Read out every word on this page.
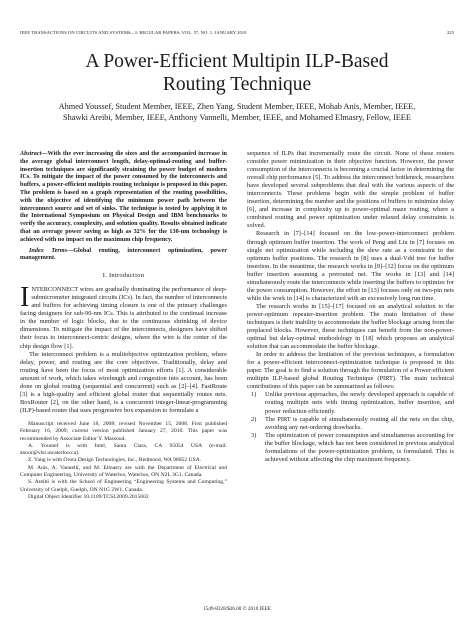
IEEE TRANSACTIONS ON CIRCUITS AND SYSTEMS—I: REGULAR PAPERS, VOL. 57, NO. 1, JANUARY 2010	225
A Power-Efficient Multipin ILP-Based
Routing Technique
Ahmed Youssef, Student Member, IEEE, Zhen Yang, Student Member, IEEE, Mohab Anis, Member, IEEE,
Shawki Areibi, Member, IEEE, Anthony Vannelli, Member, IEEE, and Mohamed Elmasry, Fellow, IEEE
Abstract—With the ever increasing die sizes and the accompanied increase in the average global interconnect length, delay-optimal-routing and buffer-insertion techniques are significantly straining the power budget of modern ICs. To mitigate the impact of the power consumed by the interconnects and buffers, a power-efficient multipin routing technique is proposed in this paper. The problem is based on a graph representation of the routing possibilities, with the objective of identifying the minimum power path between the interconnect source and set of sinks. The technique is tested by applying it to the International Symposium on Physical Design and IBM benchmarks to verify the accuracy, complexity, and solution quality. Results obtained indicate that an average power saving as high as 32% for the 130-nm technology is achieved with no impact on the maximum chip frequency.
Index Terms—Global routing, interconnect optimization, power management.
I. Introduction

INTERCONNECT wires are gradually dominating the performance of deep-submicrometer integrated circuits (ICs). In fact, the number of interconnects and buffers for achieving timing closure is one of the primary challenges facing designers for sub-90-nm ICs. This is attributed to the continual increase in the number of logic blocks, due to the continuous shrinking of device dimensions. To mitigate the impact of the interconnects, designers have shifted their focus to interconnect-centric designs, where the wire is the center of the chip design flow [1].

The interconnect problem is a multiobjective optimization problem, where delay, power, and routing are the core objectives. Traditionally, delay and routing have been the focus of most optimization efforts [1]. A considerable amount of work, which takes wirelength and congestion into account, has been done on global routing (sequential and concurrent) such as [2]–[4]. FastRoute [3] is a high-quality and efficient global router that sequentially routes nets. BoxRouter [2], on the other hand, is a concurrent integer-linear-programming (ILP)-based router that uses progressive box expansion to formulate a

Manuscript received June 18, 2008; revised November 15, 2008. First published February 16, 2009; current version published January 27, 2010. This paper was recommended by Associate Editor Y. Massoud.

A. Youssef is with Intel, Santa Clara, CA 95054 USA (e-mail: anour@vlsi.uwaterloo.ca).

Z. Yang is with Orora Design Technologies, Inc., Redmond, WA 98052 USA.

M. Anis, A. Vannelli, and M. Elmasry are with the Department of Electrical and Computer Engineering, University of Waterloo, Waterloo, ON N2L 3G1, Canada.

S. Areibi is with the School of Engineering “Engineering Systems and Computing,” University of Guelph, Guelph, ON N1G 2W1, Canada.

Digital Object Identifier 10.1109/TCSI.2009.2015602

sequence of ILPs that incrementally route the circuit. None of these routers consider power minimization in their objective function. However, the power consumption of the interconnects is becoming a crucial factor in determining the overall chip performance [5]. To address the interconnect bottleneck, researchers have developed several subproblems that deal with the various aspects of the interconnects. These problems begin with the simple problem of buffer insertion, determining the number and the positions of buffers to minimize delay [6], and increase in complexity up to power-optimal maze routing, where a combined routing and power optimization under relaxed delay constraints is solved.

Research in [7]–[14] focused on the low-power-interconnect problem through optimum buffer insertion. The work of Peng and Liu in [7] focuses on single net optimization while including the slew rate as a constraint to the optimum buffer positions. The research in [8] uses a dual-Vdd tree for buffer insertion. In the meantime, the research works in [9]–[12] focus on the optimum buffer insertion assuming a prerouted net. The works in [13] and [14] simultaneously route the interconnects while inserting the buffers to optimize for the power consumption. However, the effort in [13] focuses only on two-pin nets while the work in [14] is characterized with an excessively long run time.

The research works in [15]–[17] focused on an analytical solution to the power-optimum repeater-insertion problem. The main limitation of these techniques is their inability to accommodate the buffer blockage arising from the preplaced blocks. However, these techniques can benefit from the non-power-optimal but delay-optimal methodology in [18] which proposes an analytical solution that can accommodate the buffer blockage.

In order to address the limitation of the previous techniques, a formulation for a power-efficient interconnect-optimization technique is proposed in this paper. The goal is to find a solution through the formulation of a Power-efficient multipin ILP-based global Routing Technique (PIRT). The main technical contributions of this paper can be summarized as follows:

1) Unlike previous approaches, the newly developed approach is capable of routing multipin nets with timing optimization, buffer insertion, and power reduction efficiently.
2) The PIRT is capable of simultaneously routing all the nets on the chip, avoiding any net-ordering drawbacks.
3) The optimization of power consumption and simultaneous accounting for the buffer blockage, which has not been considered in previous analytical formulations of the power-optimization problem, is formulated. This is achieved without affecting the chip maximum frequency.
1549-8328/$26.00 © 2010 IEEE
